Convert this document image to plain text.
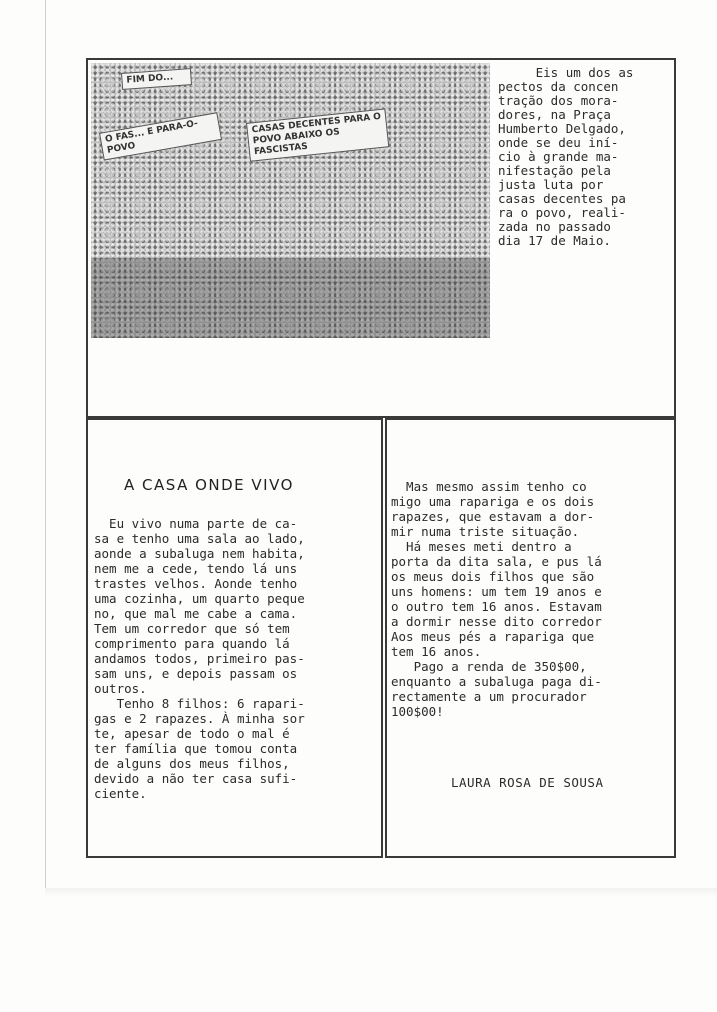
FIM DO...
O FAS... E PARA-O-POVO
CASAS DECENTES PARA O POVO ABAIXO OS FASCISTAS
Eis um dos as
pectos da concen
tração dos mora-
dores, na Praça
Humberto Delgado,
onde se deu iní-
cio à grande ma-
nifestação pela
justa luta por
casas decentes pa
ra o povo, reali-
zada no passado
dia 17 de Maio.
A CASA ONDE VIVO
Eu vivo numa parte de ca-
sa e tenho uma sala ao lado,
aonde a subaluga nem habita,
nem me a cede, tendo lá uns
trastes velhos. Aonde tenho
uma cozinha, um quarto peque
no, que mal me cabe a cama.
Tem um corredor que só tem
comprimento para quando lá
andamos todos, primeiro pas-
sam uns, e depois passam os
outros.
Tenho 8 filhos: 6 rapari-
gas e 2 rapazes. À minha sor
te, apesar de todo o mal é
ter família que tomou conta
de alguns dos meus filhos,
devido a não ter casa sufi-
ciente.
Mas mesmo assim tenho co
migo uma rapariga e os dois
rapazes, que estavam a dor-
mir numa triste situação.
Há meses meti dentro a
porta da dita sala, e pus lá
os meus dois filhos que são
uns homens: um tem 19 anos e
o outro tem 16 anos. Estavam
a dormir nesse dito corredor
Aos meus pés a rapariga que
tem 16 anos.
Pago a renda de 350$00,
enquanto a subaluga paga di-
rectamente a um procurador
100$00!
LAURA ROSA DE SOUSA
